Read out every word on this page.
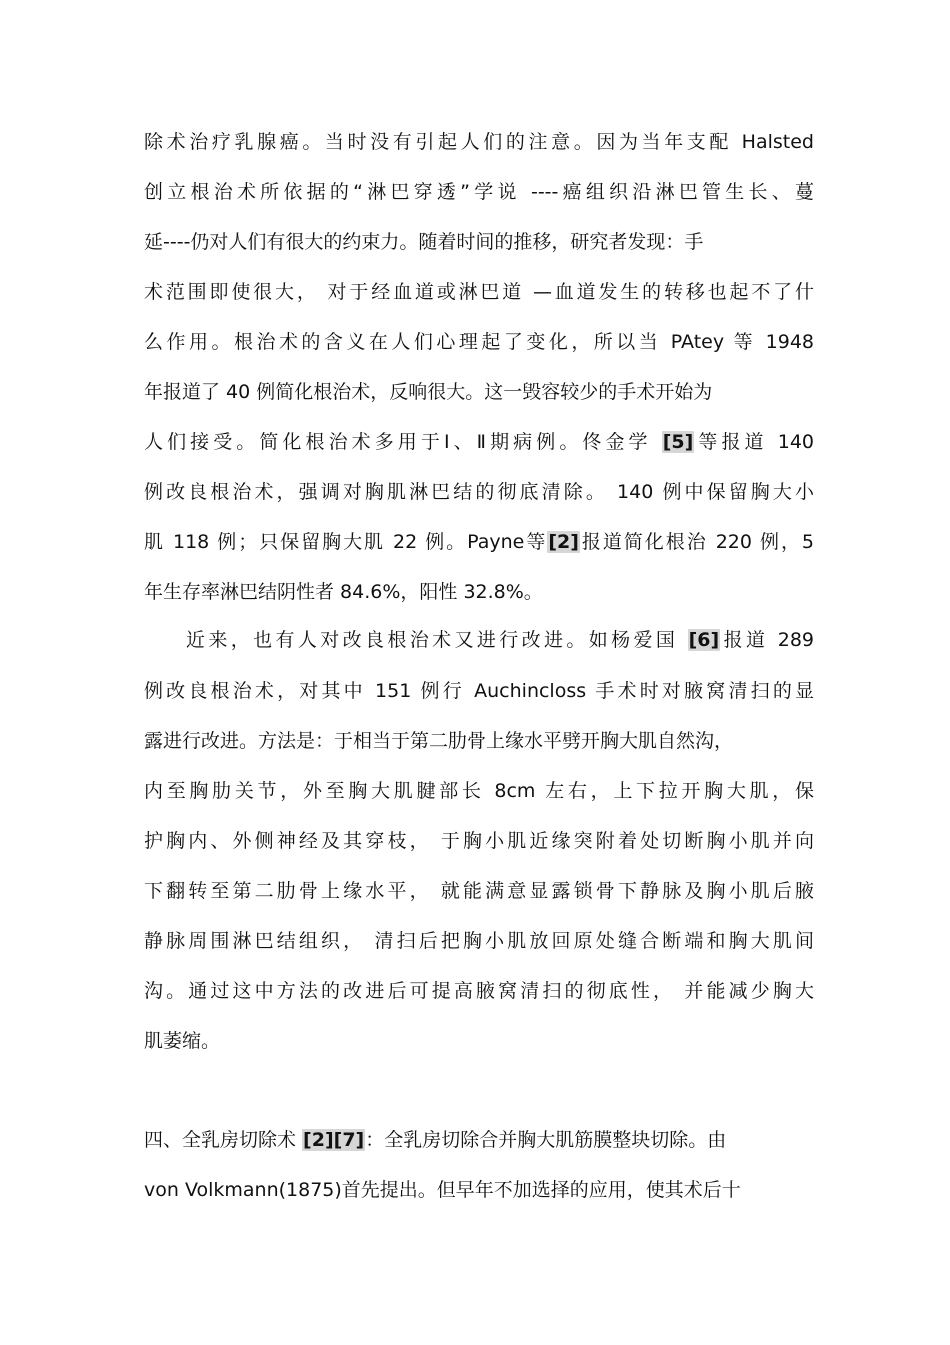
除术治疗乳腺癌。当时没有引起人们的注意。因为当年支配 Halsted
创立根治术所依据的“淋巴穿透”学说 ----癌组织沿淋巴管生长、蔓
延----仍对人们有很大的约束力。随着时间的推移，研究者发现：手
术范围即使很大， 对于经血道或淋巴道 —血道发生的转移也起不了什
么作用。根治术的含义在人们心理起了变化，所以当 PAtey 等 1948
年报道了 40 例简化根治术，反响很大。这一毁容较少的手术开始为
人们接受。简化根治术多用于Ⅰ、Ⅱ期病例。佟金学 [5]等报道 140
例改良根治术，强调对胸肌淋巴结的彻底清除。 140 例中保留胸大小
肌 118 例；只保留胸大肌 22 例。Payne等[2]报道简化根治 220 例，5
年生存率淋巴结阴性者 84.6%，阳性 32.8%。
近来，也有人对改良根治术又进行改进。如杨爱国 [6]报道 289
例改良根治术，对其中 151 例行 Auchincloss 手术时对腋窝清扫的显
露进行改进。方法是：于相当于第二肋骨上缘水平劈开胸大肌自然沟，
内至胸肋关节，外至胸大肌腱部长 8cm 左右，上下拉开胸大肌，保
护胸内、外侧神经及其穿枝， 于胸小肌近缘突附着处切断胸小肌并向
下翻转至第二肋骨上缘水平， 就能满意显露锁骨下静脉及胸小肌后腋
静脉周围淋巴结组织， 清扫后把胸小肌放回原处缝合断端和胸大肌间
沟。通过这中方法的改进后可提高腋窝清扫的彻底性， 并能减少胸大
肌萎缩。
四、全乳房切除术 [2][7]：全乳房切除合并胸大肌筋膜整块切除。由
von Volkmann(1875)首先提出。但早年不加选择的应用，使其术后十
